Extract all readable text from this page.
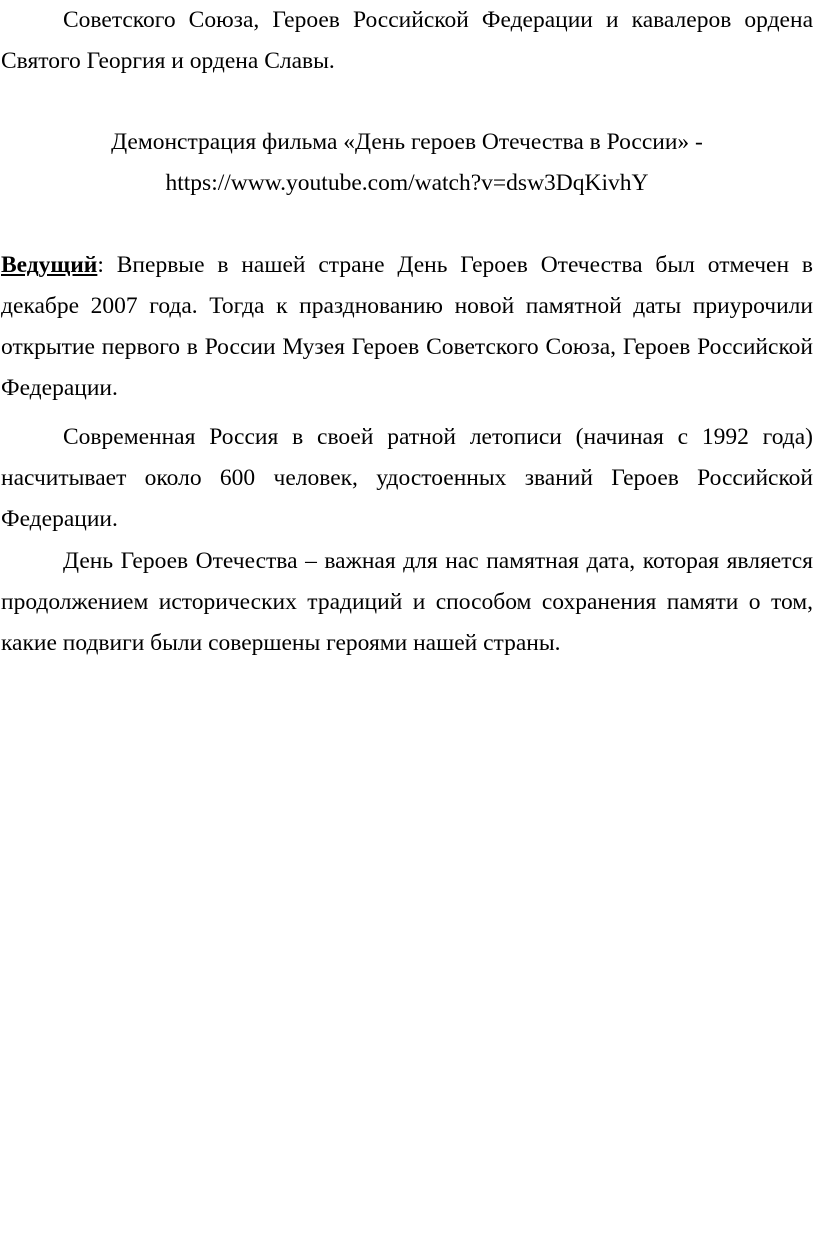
Советского Союза, Героев Российской Федерации и кавалеров ордена Святого Георгия и ордена Славы.

Демонстрация фильма «День героев Отечества в России» -
https://www.youtube.com/watch?v=dsw3DqKivhY

Ведущий: Впервые в нашей стране День Героев Отечества был отмечен в декабре 2007 года. Тогда к празднованию новой памятной даты приурочили открытие первого в России Музея Героев Советского Союза, Героев Российской Федерации.

Современная Россия в своей ратной летописи (начиная с 1992 года) насчитывает около 600 человек, удостоенных званий Героев Российской Федерации.

День Героев Отечества – важная для нас памятная дата, которая является продолжением исторических традиций и способом сохранения памяти о том, какие подвиги были совершены героями нашей страны.
